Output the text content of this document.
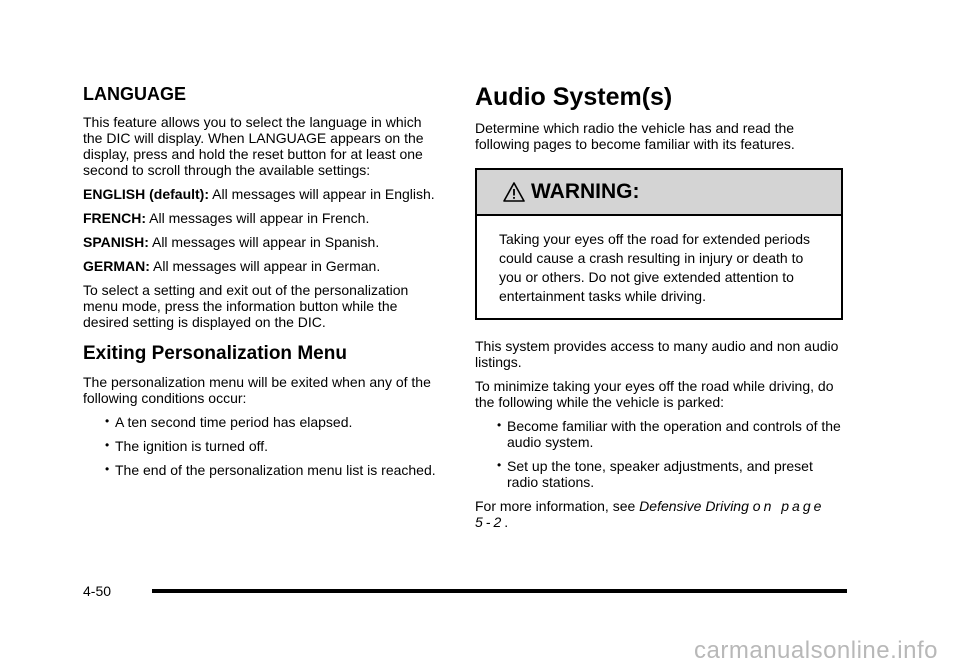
LANGUAGE

This feature allows you to select the language in which the DIC will display. When LANGUAGE appears on the display, press and hold the reset button for at least one second to scroll through the available settings:

ENGLISH (default): All messages will appear in English.

FRENCH: All messages will appear in French.

SPANISH: All messages will appear in Spanish.

GERMAN: All messages will appear in German.

To select a setting and exit out of the personalization menu mode, press the information button while the desired setting is displayed on the DIC.

Exiting Personalization Menu

The personalization menu will be exited when any of the following conditions occur:

• A ten second time period has elapsed.
• The ignition is turned off.
• The end of the personalization menu list is reached.
Audio System(s)

Determine which radio the vehicle has and read the following pages to become familiar with its features.

WARNING:
Taking your eyes off the road for extended periods could cause a crash resulting in injury or death to you or others. Do not give extended attention to entertainment tasks while driving.

This system provides access to many audio and non audio listings.

To minimize taking your eyes off the road while driving, do the following while the vehicle is parked:

• Become familiar with the operation and controls of the audio system.
• Set up the tone, speaker adjustments, and preset radio stations.

For more information, see Defensive Driving on page 5-2.

4-50
carmanualsonline.info
